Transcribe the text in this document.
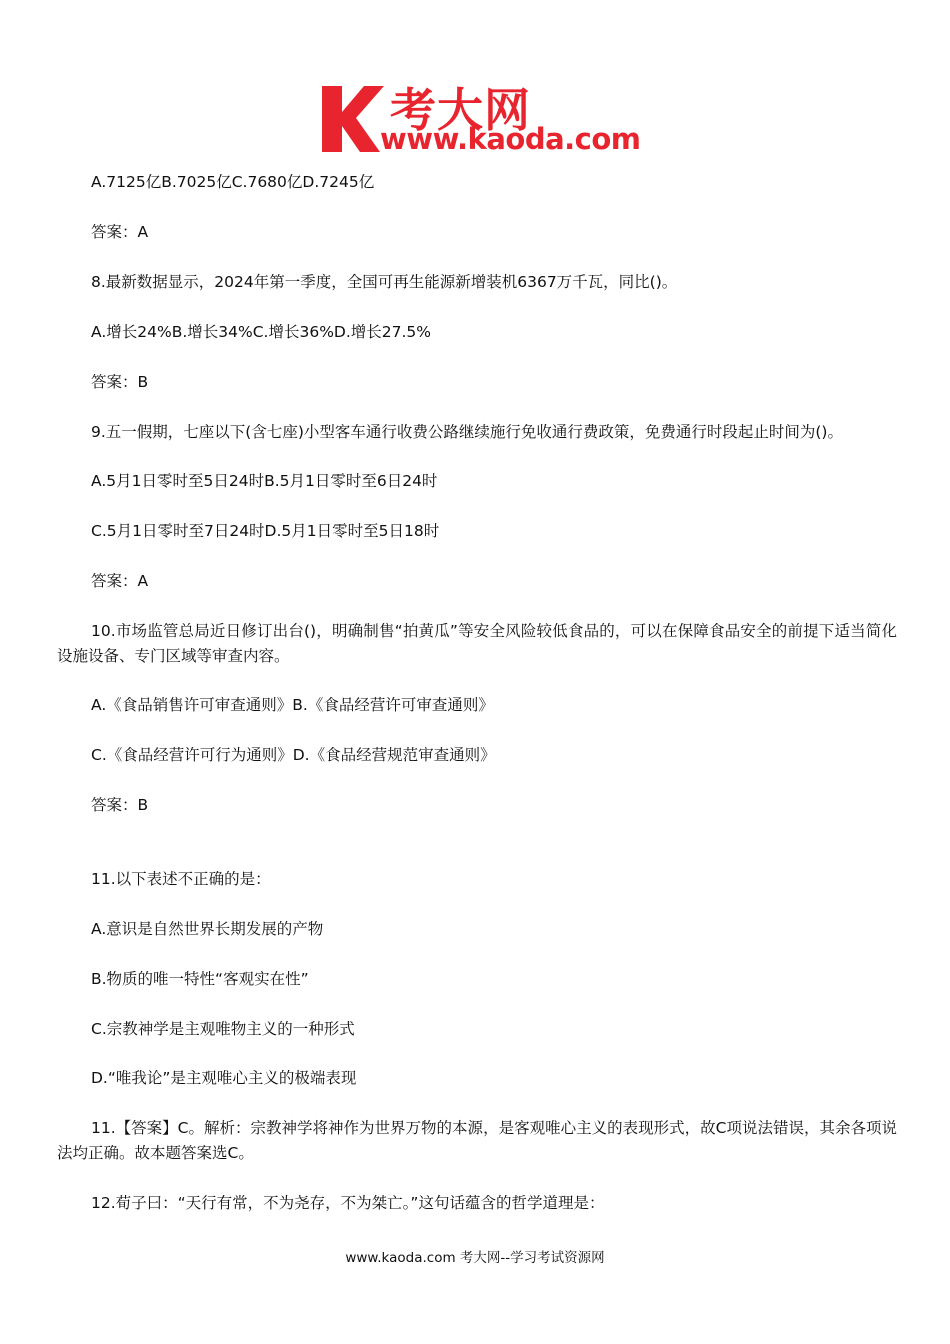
考大网
www.kaoda.com
A.7125亿B.7025亿C.7680亿D.7245亿
答案：A
8.最新数据显示，2024年第一季度，全国可再生能源新增装机6367万千瓦，同比()。
A.增长24%B.增长34%C.增长36%D.增长27.5%
答案：B
9.五一假期，七座以下(含七座)小型客车通行收费公路继续施行免收通行费政策，免费通行时段起止时间为()。
A.5月1日零时至5日24时B.5月1日零时至6日24时
C.5月1日零时至7日24时D.5月1日零时至5日18时
答案：A
10.市场监管总局近日修订出台()，明确制售“拍黄瓜”等安全风险较低食品的，可以在保障食品安全的前提下适当简化设施设备、专门区域等审查内容。
A.《食品销售许可审查通则》B.《食品经营许可审查通则》
C.《食品经营许可行为通则》D.《食品经营规范审查通则》
答案：B
11.以下表述不正确的是：
A.意识是自然世界长期发展的产物
B.物质的唯一特性“客观实在性”
C.宗教神学是主观唯物主义的一种形式
D.“唯我论”是主观唯心主义的极端表现
11.【答案】C。解析：宗教神学将神作为世界万物的本源，是客观唯心主义的表现形式，故C项说法错误，其余各项说法均正确。故本题答案选C。
12.荀子曰：“天行有常，不为尧存，不为桀亡。”这句话蕴含的哲学道理是：
www.kaoda.com 考大网--学习考试资源网
